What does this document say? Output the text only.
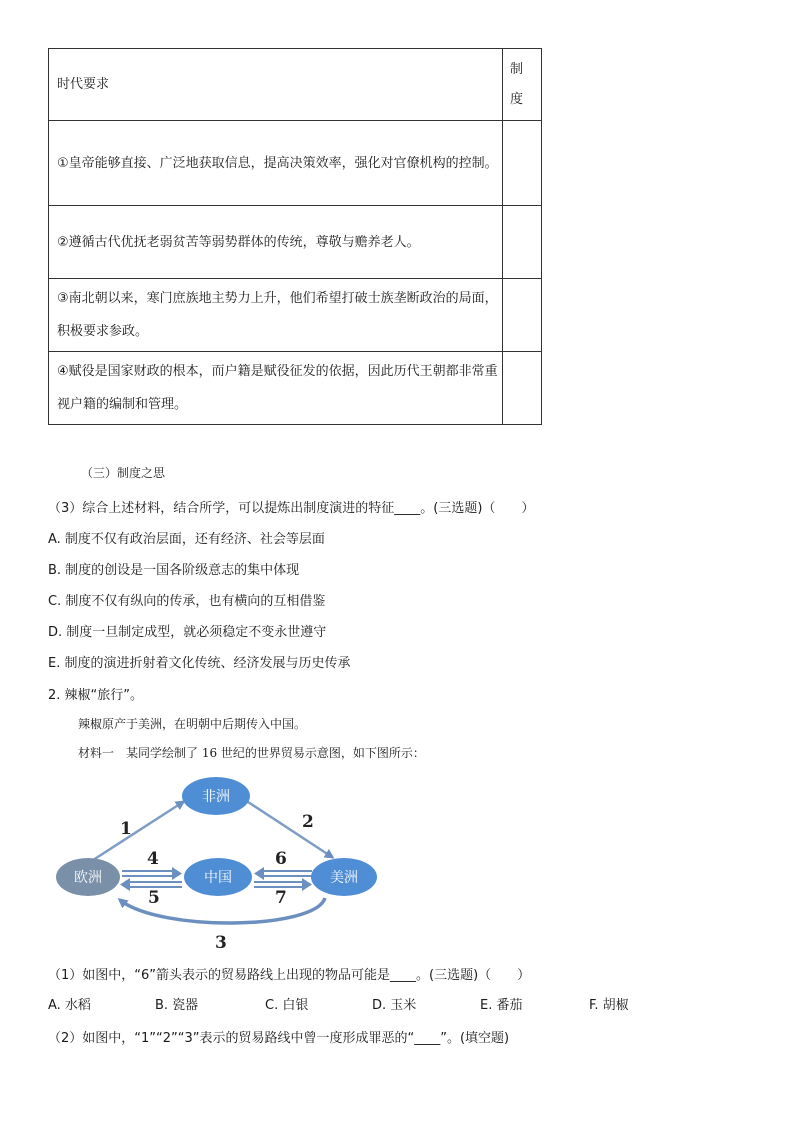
时代要求	制度
①皇帝能够直接、广泛地获取信息，提高决策效率，强化对官僚机构的控制。	
②遵循古代优抚老弱贫苦等弱势群体的传统，尊敬与赡养老人。	
③南北朝以来，寒门庶族地主势力上升，他们希望打破士族垄断政治的局面，积极要求参政。	
④赋役是国家财政的根本，而户籍是赋役征发的依据，因此历代王朝都非常重视户籍的编制和管理。	
（三）制度之思
（3）综合上述材料，结合所学，可以提炼出制度演进的特征____。(三选题)（　　）
A. 制度不仅有政治层面，还有经济、社会等层面
B. 制度的创设是一国各阶级意志的集中体现
C. 制度不仅有纵向的传承，也有横向的互相借鉴
D. 制度一旦制定成型，就必须稳定不变永世遵守
E. 制度的演进折射着文化传统、经济发展与历史传承
2. 辣椒“旅行”。
辣椒原产于美洲，在明朝中后期传入中国。
材料一　某同学绘制了 16 世纪的世界贸易示意图，如下图所示：
非洲
欧洲	中国	美洲
1	2
3
4
5
6
7
（1）如图中，“6”箭头表示的贸易路线上出现的物品可能是____。(三选题)（　　）
A. 水稻	B. 瓷器	C. 白银	D. 玉米	E. 番茄	F. 胡椒
（2）如图中，“1”“2”“3”表示的贸易路线中曾一度形成罪恶的“____”。(填空题)
